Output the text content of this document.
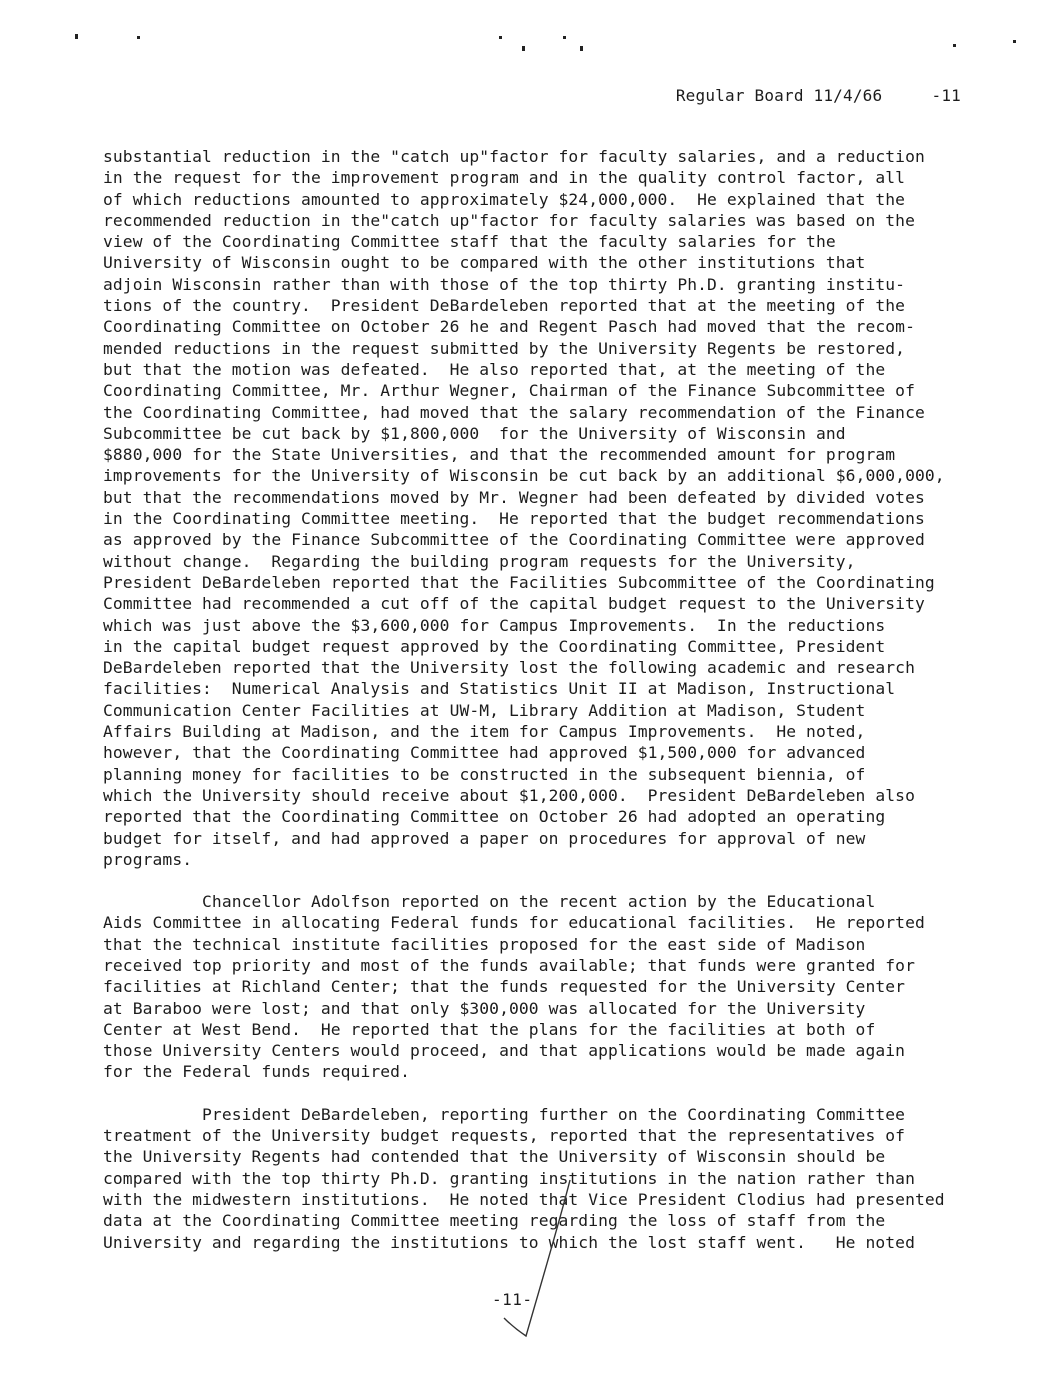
Regular Board 11/4/66     -11

substantial reduction in the "catch up"factor for faculty salaries, and a reduction
in the request for the improvement program and in the quality control factor, all
of which reductions amounted to approximately $24,000,000.  He explained that the
recommended reduction in the"catch up"factor for faculty salaries was based on the
view of the Coordinating Committee staff that the faculty salaries for the
University of Wisconsin ought to be compared with the other institutions that
adjoin Wisconsin rather than with those of the top thirty Ph.D. granting institu-
tions of the country.  President DeBardeleben reported that at the meeting of the
Coordinating Committee on October 26 he and Regent Pasch had moved that the recom-
mended reductions in the request submitted by the University Regents be restored,
but that the motion was defeated.  He also reported that, at the meeting of the
Coordinating Committee, Mr. Arthur Wegner, Chairman of the Finance Subcommittee of
the Coordinating Committee, had moved that the salary recommendation of the Finance
Subcommittee be cut back by $1,800,000  for the University of Wisconsin and
$880,000 for the State Universities, and that the recommended amount for program
improvements for the University of Wisconsin be cut back by an additional $6,000,000,
but that the recommendations moved by Mr. Wegner had been defeated by divided votes
in the Coordinating Committee meeting.  He reported that the budget recommendations
as approved by the Finance Subcommittee of the Coordinating Committee were approved
without change.  Regarding the building program requests for the University,
President DeBardeleben reported that the Facilities Subcommittee of the Coordinating
Committee had recommended a cut off of the capital budget request to the University
which was just above the $3,600,000 for Campus Improvements.  In the reductions
in the capital budget request approved by the Coordinating Committee, President
DeBardeleben reported that the University lost the following academic and research
facilities:  Numerical Analysis and Statistics Unit II at Madison, Instructional
Communication Center Facilities at UW-M, Library Addition at Madison, Student
Affairs Building at Madison, and the item for Campus Improvements.  He noted,
however, that the Coordinating Committee had approved $1,500,000 for advanced
planning money for facilities to be constructed in the subsequent biennia, of
which the University should receive about $1,200,000.  President DeBardeleben also
reported that the Coordinating Committee on October 26 had adopted an operating
budget for itself, and had approved a paper on procedures for approval of new
programs.

Chancellor Adolfson reported on the recent action by the Educational
Aids Committee in allocating Federal funds for educational facilities.  He reported
that the technical institute facilities proposed for the east side of Madison
received top priority and most of the funds available; that funds were granted for
facilities at Richland Center; that the funds requested for the University Center
at Baraboo were lost; and that only $300,000 was allocated for the University
Center at West Bend.  He reported that the plans for the facilities at both of
those University Centers would proceed, and that applications would be made again
for the Federal funds required.

President DeBardeleben, reporting further on the Coordinating Committee
treatment of the University budget requests, reported that the representatives of
the University Regents had contended that the University of Wisconsin should be
compared with the top thirty Ph.D. granting institutions in the nation rather than
with the midwestern institutions.  He noted that Vice President Clodius had presented
data at the Coordinating Committee meeting regarding the loss of staff from the
University and regarding the institutions to which the lost staff went.   He noted

-11-
